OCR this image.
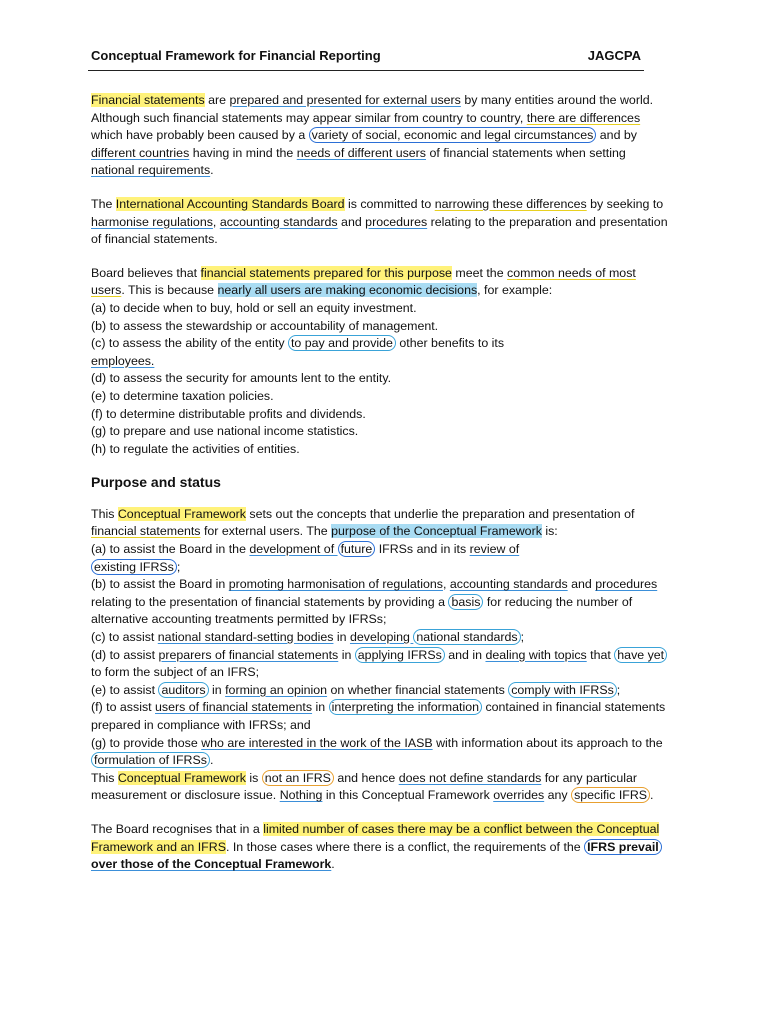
Conceptual Framework for Financial Reporting	JAGCPA

Financial statements are prepared and presented for external users by many entities around the world. Although such financial statements may appear similar from country to country, there are differences which have probably been caused by a variety of social, economic and legal circumstances and by different countries having in mind the needs of different users of financial statements when setting national requirements.

The International Accounting Standards Board is committed to narrowing these differences by seeking to harmonise regulations, accounting standards and procedures relating to the preparation and presentation of financial statements.

Board believes that financial statements prepared for this purpose meet the common needs of most users. This is because nearly all users are making economic decisions, for example:
(a) to decide when to buy, hold or sell an equity investment.
(b) to assess the stewardship or accountability of management.
(c) to assess the ability of the entity to pay and provide other benefits to its
employees.
(d) to assess the security for amounts lent to the entity.
(e) to determine taxation policies.
(f) to determine distributable profits and dividends.
(g) to prepare and use national income statistics.
(h) to regulate the activities of entities.
Purpose and status
This Conceptual Framework sets out the concepts that underlie the preparation and presentation of financial statements for external users. The purpose of the Conceptual Framework is:
(a) to assist the Board in the development of future IFRSs and in its review of
existing IFRSs ;
(b) to assist the Board in promoting harmonisation of regulations, accounting standards and procedures relating to the presentation of financial statements by providing a basis for reducing the number of alternative accounting treatments permitted by IFRSs;
(c) to assist national standard-setting bodies in developing national standards ;
(d) to assist preparers of financial statements in applying IFRSs and in dealing with topics that have yet to form the subject of an IFRS;
(e) to assist auditors in forming an opinion on whether financial statements comply with IFRSs ;
(f) to assist users of financial statements in interpreting the information contained in financial statements prepared in compliance with IFRSs; and
(g) to provide those who are interested in the work of the IASB with information about its approach to the formulation of IFRSs .
This Conceptual Framework is not an IFRS and hence does not define standards for any particular measurement or disclosure issue. Nothing in this Conceptual Framework overrides any specific IFRS .

The Board recognises that in a limited number of cases there may be a conflict between the Conceptual Framework and an IFRS. In those cases where there is a conflict, the requirements of the IFRS prevail over those of the Conceptual Framework.
